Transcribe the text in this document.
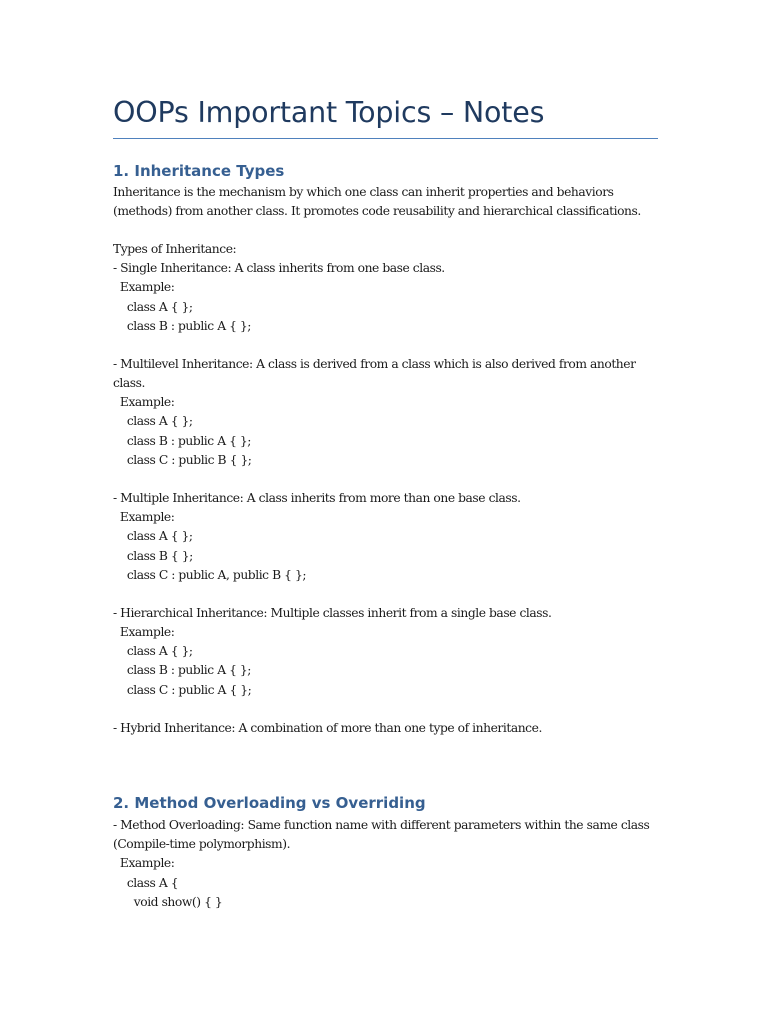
OOPs Important Topics – Notes
1. Inheritance Types
Inheritance is the mechanism by which one class can inherit properties and behaviors
(methods) from another class. It promotes code reusability and hierarchical classifications.
Types of Inheritance:
- Single Inheritance: A class inherits from one base class.
Example:
class A { };
class B : public A { };
- Multilevel Inheritance: A class is derived from a class which is also derived from another
class.
Example:
class A { };
class B : public A { };
class C : public B { };
- Multiple Inheritance: A class inherits from more than one base class.
Example:
class A { };
class B { };
class C : public A, public B { };
- Hierarchical Inheritance: Multiple classes inherit from a single base class.
Example:
class A { };
class B : public A { };
class C : public A { };
- Hybrid Inheritance: A combination of more than one type of inheritance.
2. Method Overloading vs Overriding
- Method Overloading: Same function name with different parameters within the same class
(Compile-time polymorphism).
Example:
class A {
void show() { }
